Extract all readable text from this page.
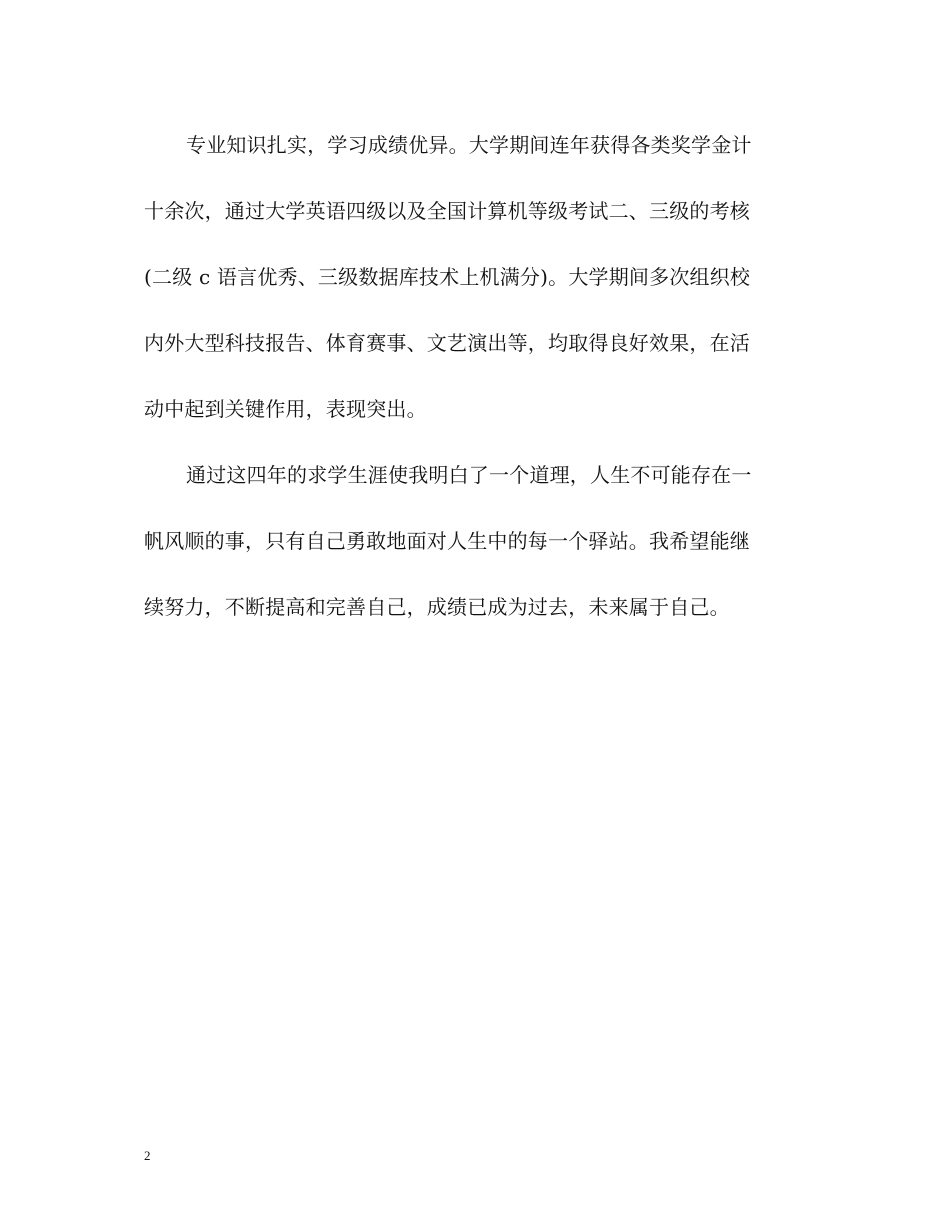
专业知识扎实，学习成绩优异。大学期间连年获得各类奖学金计
十余次，通过大学英语四级以及全国计算机等级考试二、三级的考核
(二级 c 语言优秀、三级数据库技术上机满分)。大学期间多次组织校
内外大型科技报告、体育赛事、文艺演出等，均取得良好效果，在活
动中起到关键作用，表现突出。
通过这四年的求学生涯使我明白了一个道理，人生不可能存在一
帆风顺的事，只有自己勇敢地面对人生中的每一个驿站。我希望能继
续努力，不断提高和完善自己，成绩已成为过去，未来属于自己。
2
